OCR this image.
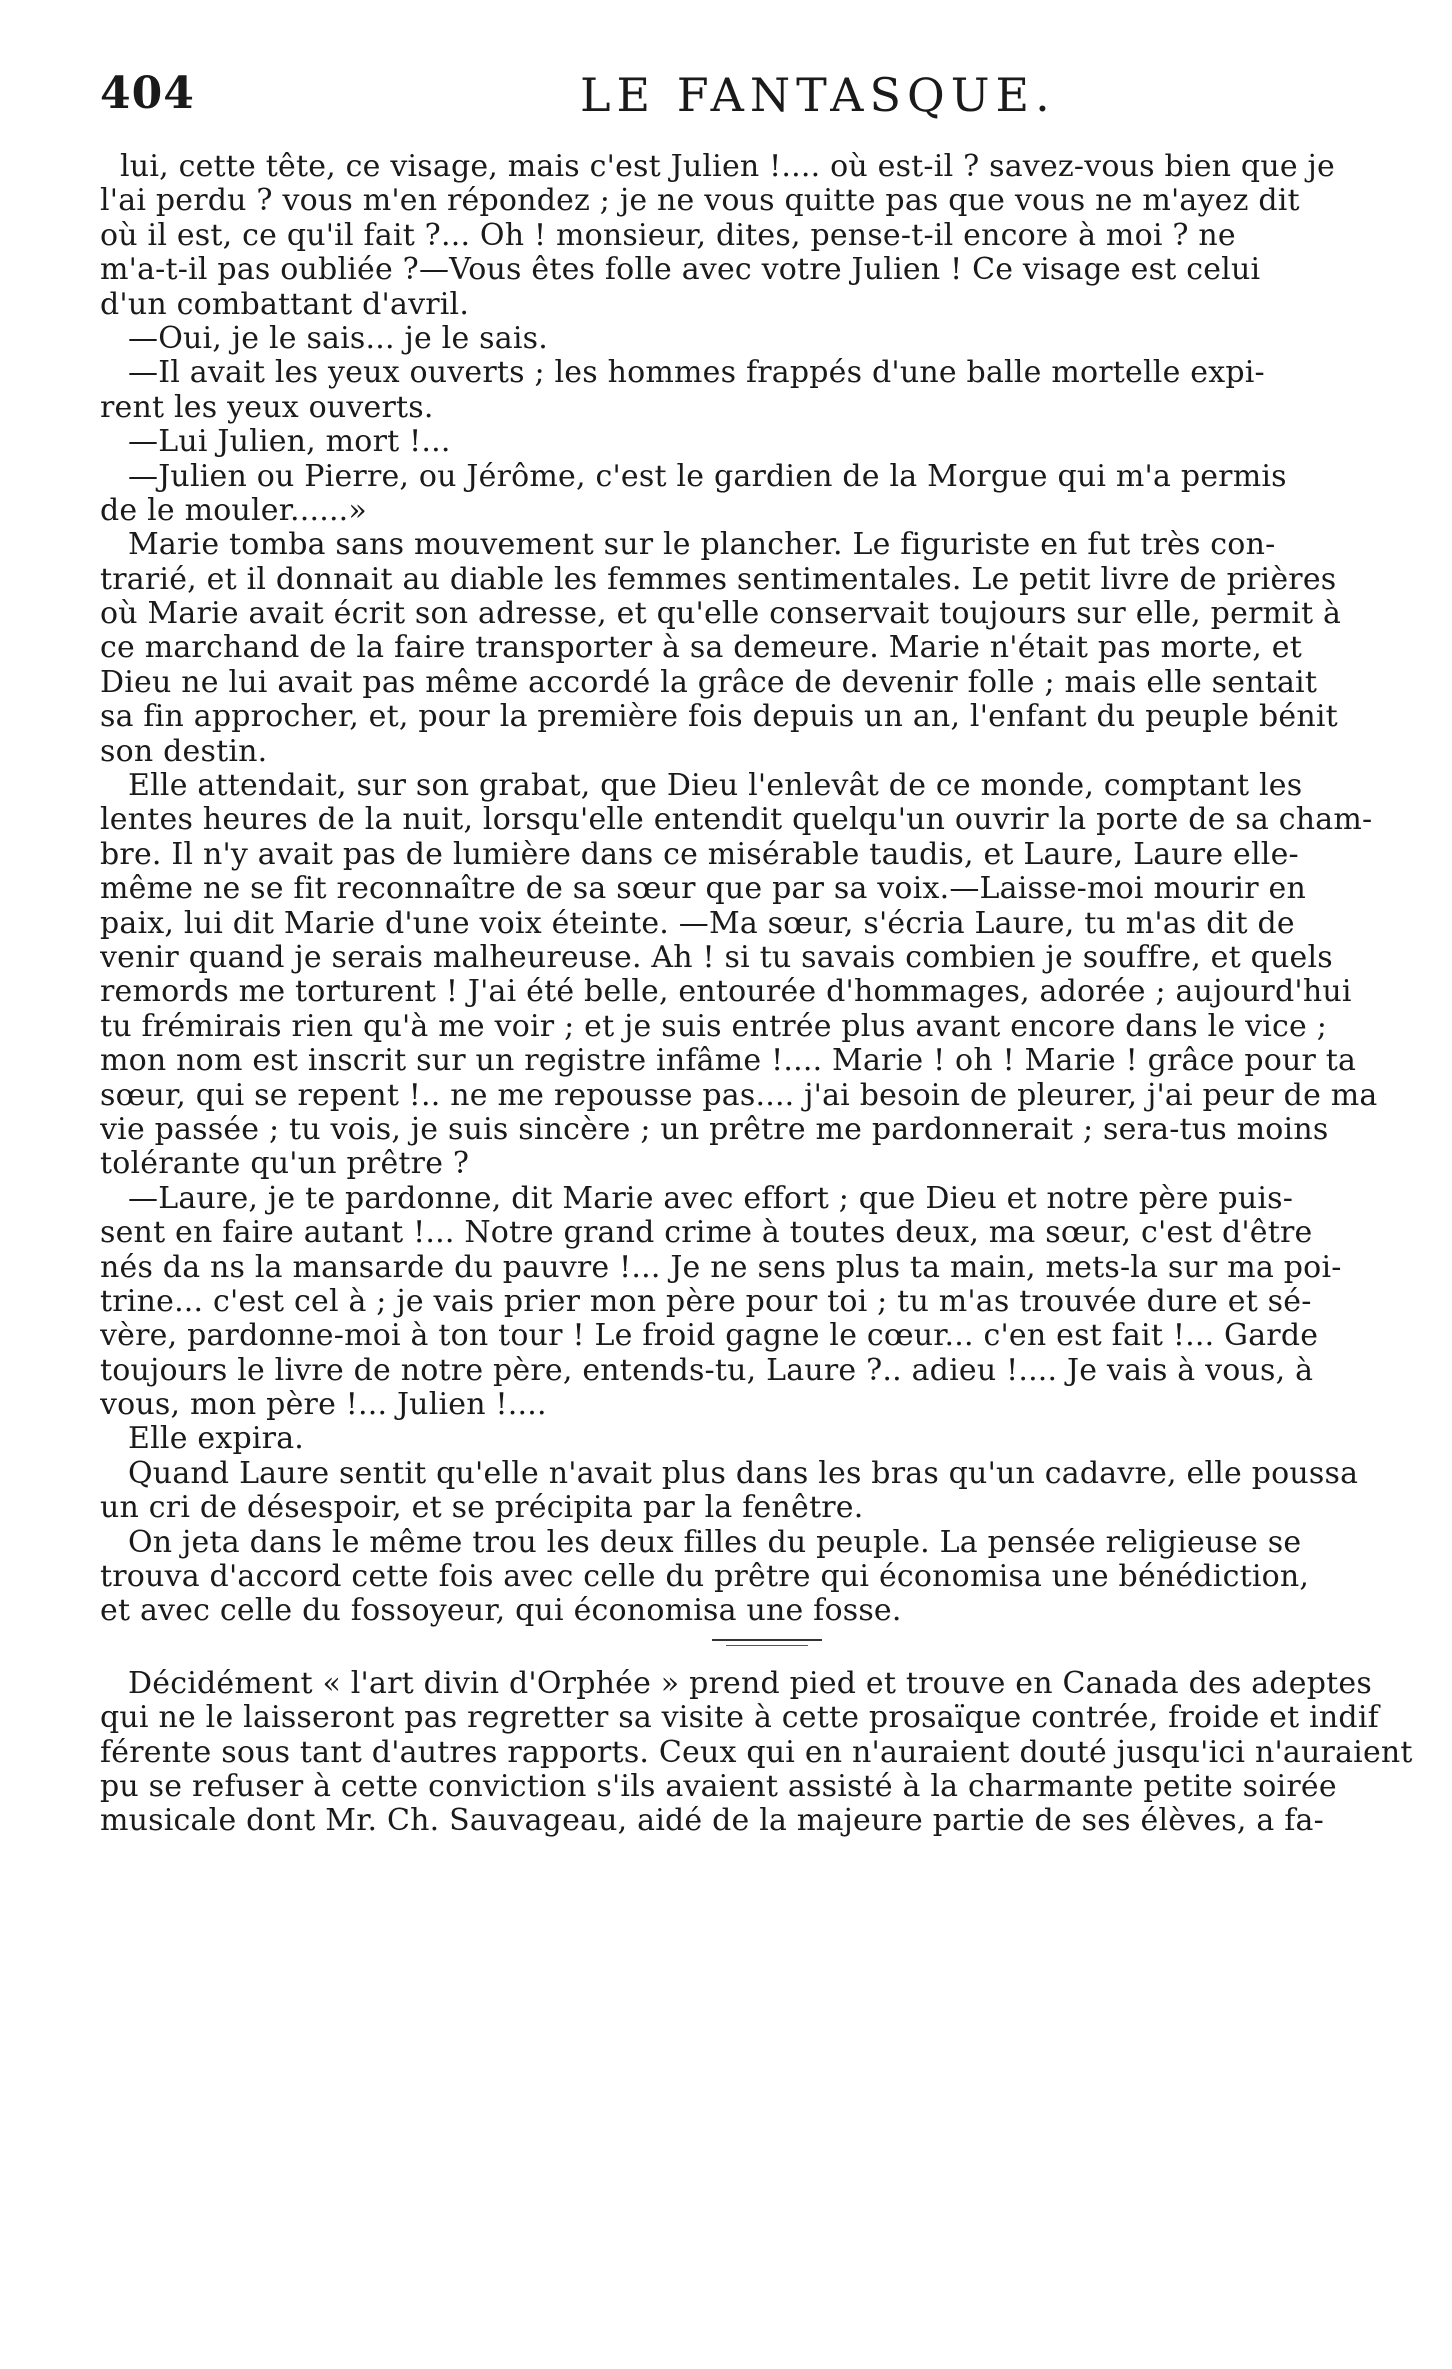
404	LE FANTASQUE.
lui, cette tête, ce visage, mais c'est Julien !.... où est-il ? savez-vous bien que je
l'ai perdu ? vous m'en répondez ; je ne vous quitte pas que vous ne m'ayez dit
où il est, ce qu'il fait ?... Oh ! monsieur, dites, pense-t-il encore à moi ? ne
m'a-t-il pas oubliée ?—Vous êtes folle avec votre Julien ! Ce visage est celui
d'un combattant d'avril.
—Oui, je le sais... je le sais.
—Il avait les yeux ouverts ; les hommes frappés d'une balle mortelle expi-
rent les yeux ouverts.
—Lui Julien, mort !...
—Julien ou Pierre, ou Jérôme, c'est le gardien de la Morgue qui m'a permis
de le mouler......»
Marie tomba sans mouvement sur le plancher. Le figuriste en fut très con-
trarié, et il donnait au diable les femmes sentimentales. Le petit livre de prières
où Marie avait écrit son adresse, et qu'elle conservait toujours sur elle, permit à
ce marchand de la faire transporter à sa demeure. Marie n'était pas morte, et
Dieu ne lui avait pas même accordé la grâce de devenir folle ; mais elle sentait
sa fin approcher, et, pour la première fois depuis un an, l'enfant du peuple bénit
son destin.
Elle attendait, sur son grabat, que Dieu l'enlevât de ce monde, comptant les
lentes heures de la nuit, lorsqu'elle entendit quelqu'un ouvrir la porte de sa cham-
bre. Il n'y avait pas de lumière dans ce misérable taudis, et Laure, Laure elle-
même ne se fit reconnaître de sa sœur que par sa voix.—Laisse-moi mourir en
paix, lui dit Marie d'une voix éteinte. —Ma sœur, s'écria Laure, tu m'as dit de
venir quand je serais malheureuse. Ah ! si tu savais combien je souffre, et quels
remords me torturent ! J'ai été belle, entourée d'hommages, adorée ; aujourd'hui
tu frémirais rien qu'à me voir ; et je suis entrée plus avant encore dans le vice ;
mon nom est inscrit sur un registre infâme !.... Marie ! oh ! Marie ! grâce pour ta
sœur, qui se repent !.. ne me repousse pas.... j'ai besoin de pleurer, j'ai peur de ma
vie passée ; tu vois, je suis sincère ; un prêtre me pardonnerait ; sera-tus moins
tolérante qu'un prêtre ?
—Laure, je te pardonne, dit Marie avec effort ; que Dieu et notre père puis-
sent en faire autant !... Notre grand crime à toutes deux, ma sœur, c'est d'être
nés da ns la mansarde du pauvre !... Je ne sens plus ta main, mets-la sur ma poi-
trine... c'est cel à ; je vais prier mon père pour toi ; tu m'as trouvée dure et sé-
vère, pardonne-moi à ton tour ! Le froid gagne le cœur... c'en est fait !... Garde
toujours le livre de notre père, entends-tu, Laure ?.. adieu !.... Je vais à vous, à
vous, mon père !... Julien !....
Elle expira.
Quand Laure sentit qu'elle n'avait plus dans les bras qu'un cadavre, elle poussa
un cri de désespoir, et se précipita par la fenêtre.
On jeta dans le même trou les deux filles du peuple. La pensée religieuse se
trouva d'accord cette fois avec celle du prêtre qui économisa une bénédiction,
et avec celle du fossoyeur, qui économisa une fosse.
Décidément « l'art divin d'Orphée » prend pied et trouve en Canada des adeptes
qui ne le laisseront pas regretter sa visite à cette prosaïque contrée, froide et indif
férente sous tant d'autres rapports. Ceux qui en n'auraient douté jusqu'ici n'auraient
pu se refuser à cette conviction s'ils avaient assisté à la charmante petite soirée
musicale dont Mr. Ch. Sauvageau, aidé de la majeure partie de ses élèves, a fa-
